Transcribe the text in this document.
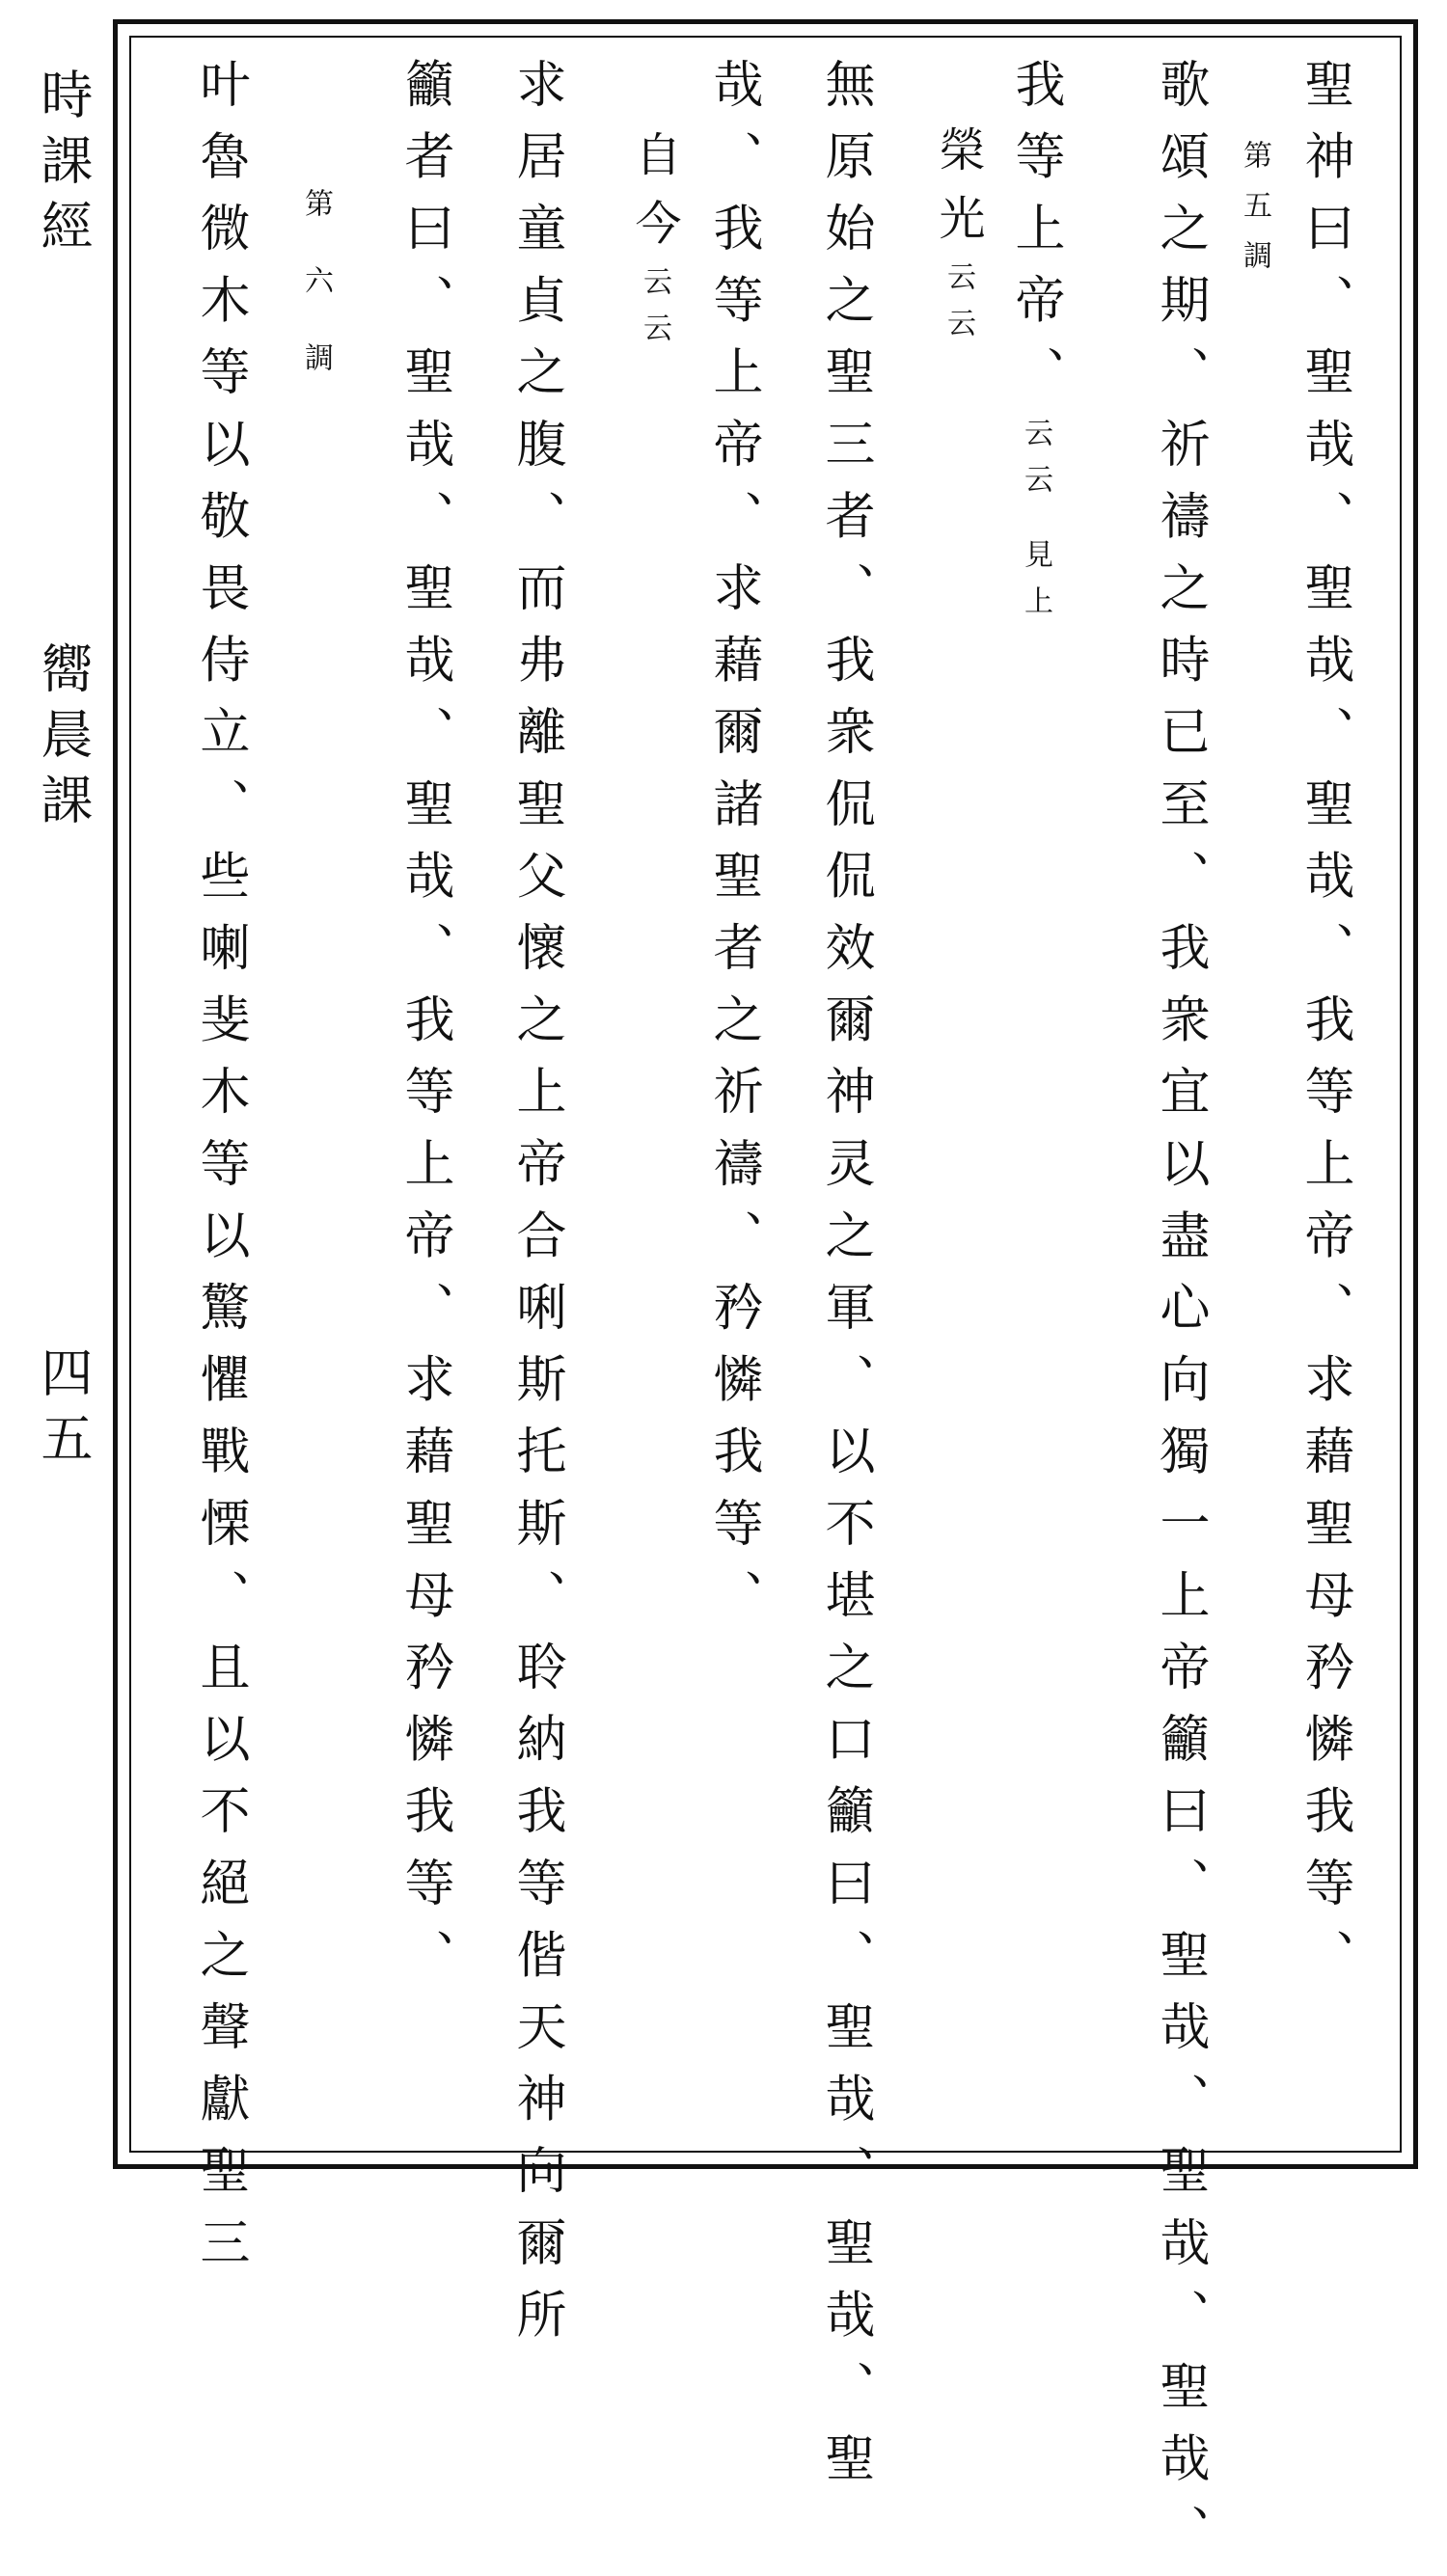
時課經
嚮晨課
四五	聖神曰、聖哉、聖哉、聖哉、我等上帝、求藉聖母矜憐我等、
第五調
歌頌之期、祈禱之時已至、我衆宜以盡心向獨一上帝籲曰、聖哉、聖哉、聖哉、
我等上帝、云云見上
榮光云云
無原始之聖三者、我衆侃侃效爾神灵之軍、以不堪之口籲曰、聖哉、聖哉、聖
哉、我等上帝、求藉爾諸聖者之祈禱、矜憐我等、
自今云云
求居童貞之腹、而弗離聖父懷之上帝合唎斯托斯、聆納我等偕天神向爾所
籲者曰、聖哉、聖哉、聖哉、我等上帝、求藉聖母矜憐我等、
第六調
叶魯微木等以敬畏侍立、些喇斐木等以驚懼戰慄、且以不絕之聲獻聖三
